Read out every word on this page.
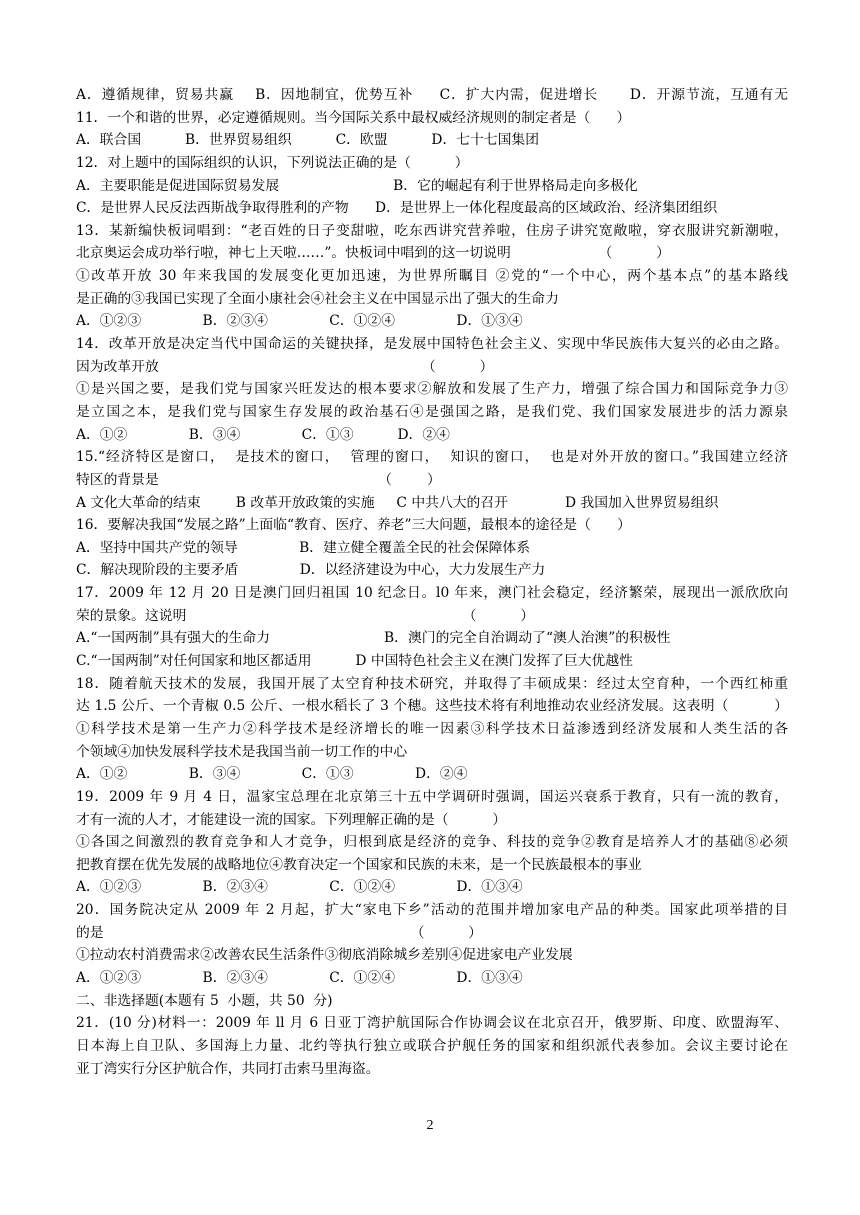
A．遵循规律，贸易共赢    B．因地制宜，优势互补     C．扩大内需，促进增长      D．开源节流，互通有无
11．一个和谐的世界，必定遵循规则。当今国际关系中最权威经济规则的制定者是（      ）
A．联合国          B．世界贸易组织          C．欧盟          D．七十七国集团
12．对上题中的国际组织的认识，下列说法正确的是（          ）
A．主要职能是促进国际贸易发展                          B．它的崛起有利于世界格局走向多极化
C．是世界人民反法西斯战争取得胜利的产物      D．是世界上一体化程度最高的区域政治、经济集团组织
13．某新编快板词唱到：“老百姓的日子变甜啦，吃东西讲究营养啦，住房子讲究宽敞啦，穿衣服讲究新潮啦，
北京奥运会成功举行啦，神七上天啦……”。快板词中唱到的这一切说明                    （          ）
①改革开放 30 年来我国的发展变化更加迅速，为世界所瞩目 ②党的“一个中心，两个基本点”的基本路线
是正确的③我国已实现了全面小康社会④社会主义在中国显示出了强大的生命力
A．①②③              B．②③④              C．①②④              D．①③④
14．改革开放是决定当代中国命运的关键抉择，是发展中国特色社会主义、实现中华民族伟大复兴的必由之路。
因为改革开放                                                            （          ）
①是兴国之要，是我们党与国家兴旺发达的根本要求②解放和发展了生产力，增强了综合国力和国际竞争力③
是立国之本，是我们党与国家生存发展的政治基石④是强国之路，是我们党、我们国家发展进步的活力源泉
A．①②              B．③④              C．①③          D．②④
15.“经济特区是窗口，  是技术的窗口，  管理的窗口，  知识的窗口，  也是对外开放的窗口。”我国建立经济
特区的背景是                                                  （        ）
A 文化大革命的结束        B 改革开放政策的实施     C 中共八大的召开             D 我国加入世界贸易组织
16．要解决我国“发展之路”上面临“教育、医疗、养老”三大问题，最根本的途径是（      ）
A．坚持中国共产党的领导              B．建立健全覆盖全民的社会保障体系
C．解决现阶段的主要矛盾              D．以经济建设为中心，大力发展生产力
17．2009 年 12 月 20 日是澳门回归祖国 10 纪念日。l0 年来，澳门社会稳定，经济繁荣，展现出一派欣欣向
荣的景象。这说明                                                               （          ）
A.“一国两制”具有强大的生命力                          B．澳门的完全自治调动了“澳人治澳”的积极性
C.“一国两制”对任何国家和地区都适用          D 中国特色社会主义在澳门发挥了巨大优越性
18．随着航天技术的发展，我国开展了太空育种技术研究，并取得了丰硕成果：经过太空育种，一个西红柿重
达 1.5 公斤、一个青椒 0.5 公斤、一根水稻长了 3 个穗。这些技术将有利地推动农业经济发展。这表明（          ）
①科学技术是第一生产力②科学技术是经济增长的唯一因素③科学技术日益渗透到经济发展和人类生活的各
个领域④加快发展科学技术是我国当前一切工作的中心
A．①②              B．③④              C．①③              D．②④
19．2009 年 9 月 4 日，温家宝总理在北京第三十五中学调研时强调，国运兴衰系于教育，只有一流的教育，
才有一流的人才，才能建设一流的国家。下列理解正确的是（          ）
①各国之间激烈的教育竞争和人才竞争，归根到底是经济的竞争、科技的竞争②教育是培养人才的基础⑧必须
把教育摆在优先发展的战略地位④教育决定一个国家和民族的未来，是一个民族最根本的事业
A．①②③              B．②③④              C．①②④              D．①③④
20．国务院决定从 2009 年 2 月起，扩大“家电下乡”活动的范围并增加家电产品的种类。国家此项举措的目
的是                                                                      （          ）
①拉动农村消费需求②改善农民生活条件③彻底消除城乡差别④促进家电产业发展
A．①②③              B．②③④              C．①②④              D．①③④
二、非选择题(本题有 5  小题，共 50  分)
21．(10 分)材料一：2009 年 ll 月 6 日亚丁湾护航国际合作协调会议在北京召开，俄罗斯、印度、欧盟海军、
日本海上自卫队、多国海上力量、北约等执行独立或联合护舰任务的国家和组织派代表参加。会议主要讨论在
亚丁湾实行分区护航合作，共同打击索马里海盗。
2
